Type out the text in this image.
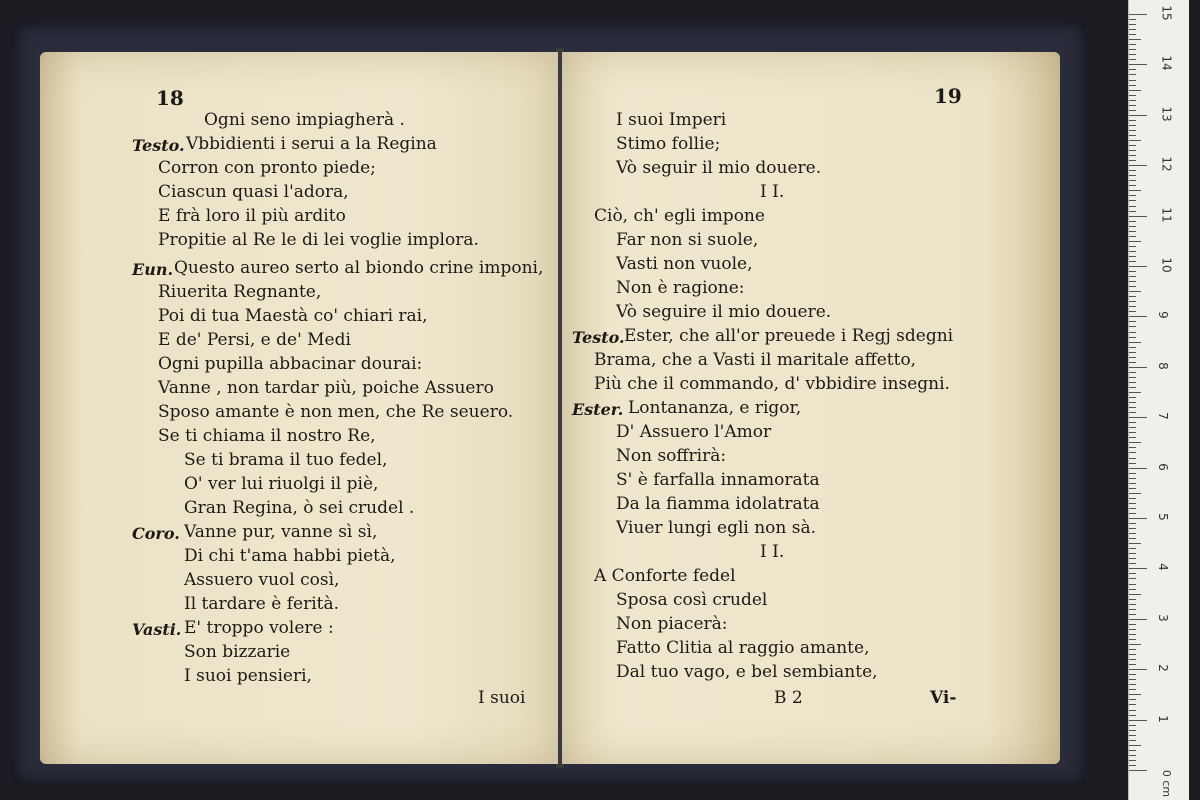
18
Ogni seno impiagherà .
Testo. Vbbidienti i serui a la Regina
Corron con pronto piede;
Ciascun quasi l'adora,
E frà loro il più ardito
Propitie al Re le di lei voglie implora.
Eun. Questo aureo serto al biondo crine imponi,
Riuerita Regnante,
Poi di tua Maestà co' chiari rai,
E de' Persi, e de' Medi
Ogni pupilla abbacinar dourai:
Vanne , non tardar più, poiche Assuero
Sposo amante è non men, che Re seuero.
Se ti chiama il nostro Re,
Se ti brama il tuo fedel,
O' ver lui riuolgi il piè,
Gran Regina, ò sei crudel .
Coro. Vanne pur, vanne sì sì,
Di chi t'ama habbi pietà,
Assuero vuol così,
Il tardare è ferità.
Vasti. E' troppo volere :
Son bizzarie
I suoi pensieri,
I suoi
19
I suoi Imperi
Stimo follie;
Vò seguir il mio douere.
I I.
Ciò, ch' egli impone
Far non si suole,
Vasti non vuole,
Non è ragione:
Vò seguire il mio douere.
Testo. Ester, che all'or preuede i Regj sdegni
Brama, che a Vasti il maritale affetto,
Più che il commando, d' vbbidire insegni.
Ester. Lontananza, e rigor,
D' Assuero l'Amor
Non soffrirà:
S' è farfalla innamorata
Da la fiamma idolatrata
Viuer lungi egli non sà.
I I.
A Conforte fedel
Sposa così crudel
Non piacerà:
Fatto Clitia al raggio amante,
Dal tuo vago, e bel sembiante,
B 2	Vi-
15
14
13
12
11
10
9
8
7
6
5
4
3
2
1
0 cm
